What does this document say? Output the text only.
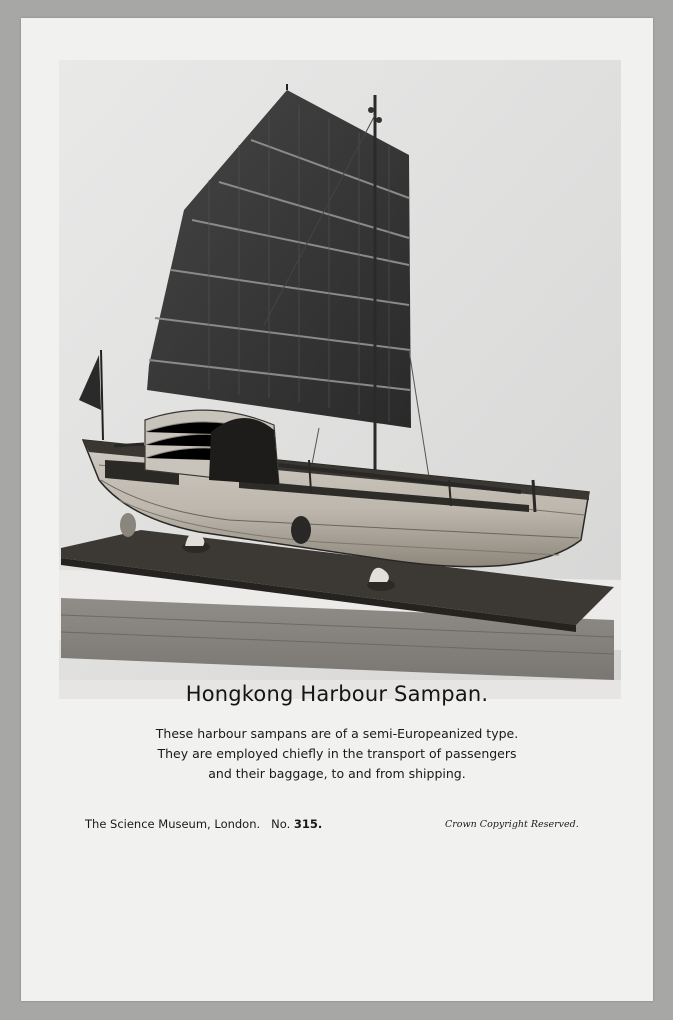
Hongkong Harbour Sampan.
These harbour sampans are of a semi-Europeanized type.
They are employed chiefly in the transport of passengers
and their baggage, to and from shipping.
The Science Museum, London. No. 315.	Crown Copyright Reserved.
